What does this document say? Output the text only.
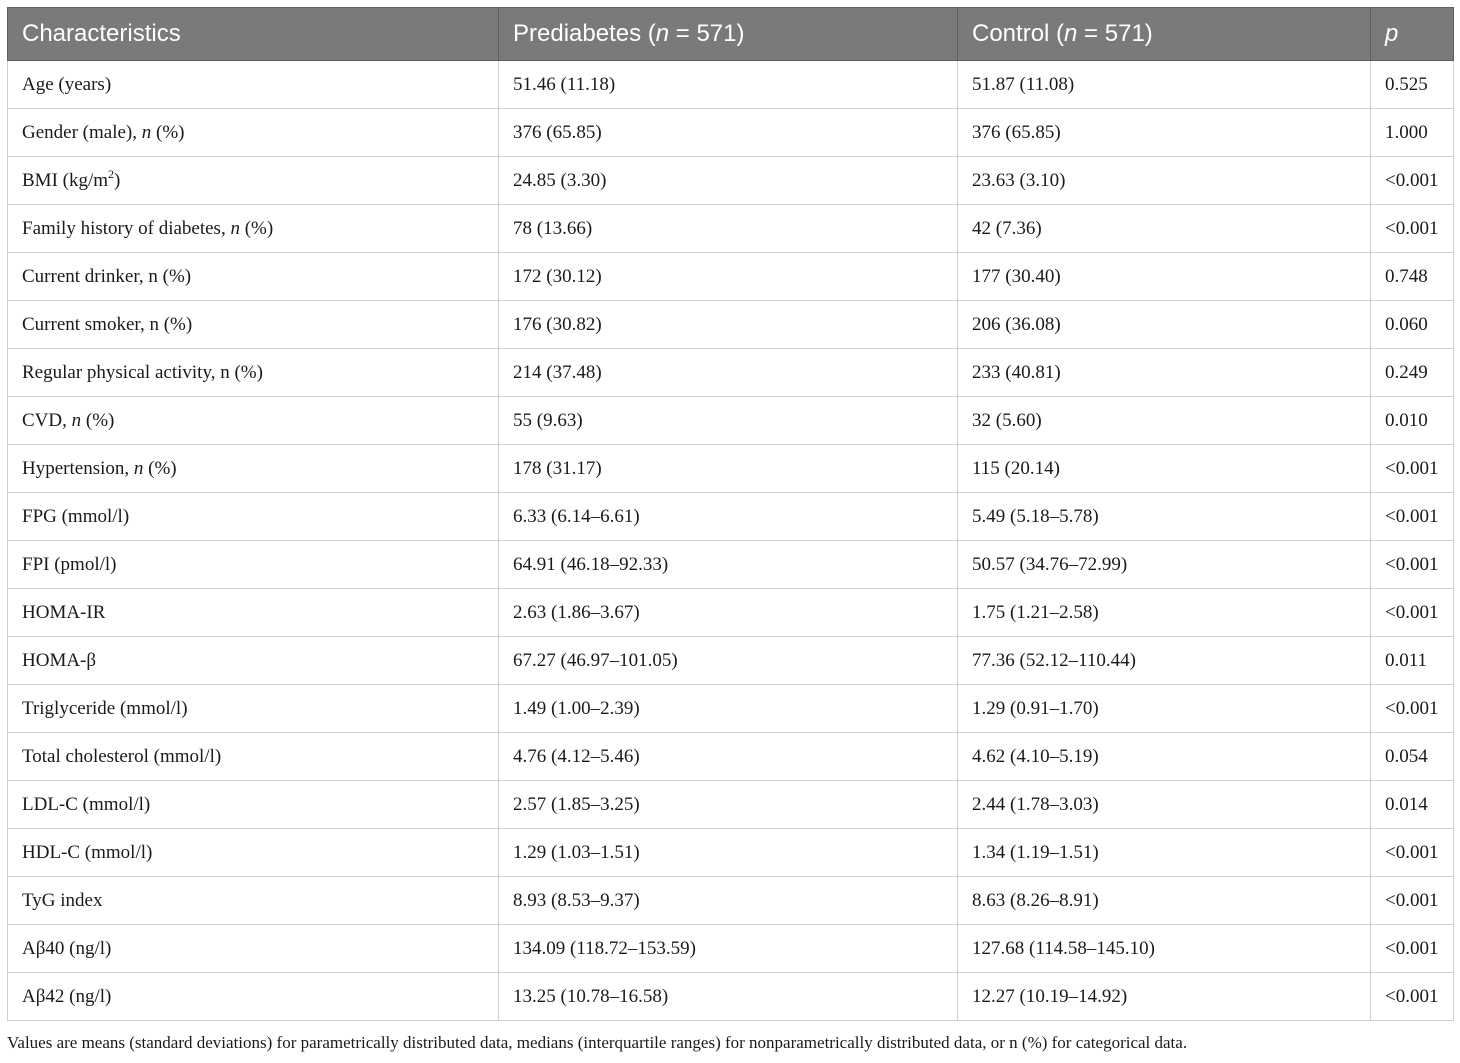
Characteristics	Prediabetes (n = 571)	Control (n = 571)	p
Age (years)	51.46 (11.18)	51.87 (11.08)	0.525
Gender (male), n (%)	376 (65.85)	376 (65.85)	1.000
BMI $(kg/m^2)$	24.85 (3.30)	23.63 (3.10)	<0.001
Family history of diabetes, n (%)	78 (13.66)	42 (7.36)	<0.001
Current drinker, n (%)	172 (30.12)	177 (30.40)	0.748
Current smoker, n (%)	176 (30.82)	206 (36.08)	0.060
Regular physical activity, n (%)	214 (37.48)	233 (40.81)	0.249
CVD, n (%)	55 (9.63)	32 (5.60)	0.010
Hypertension, n (%)	178 (31.17)	115 (20.14)	<0.001
FPG (mmol/l)	6.33 (6.14–6.61)	5.49 (5.18–5.78)	<0.001
FPI (pmol/l)	64.91 (46.18–92.33)	50.57 (34.76–72.99)	<0.001
HOMA-IR	2.63 (1.86–3.67)	1.75 (1.21–2.58)	<0.001
HOMA-β	67.27 (46.97–101.05)	77.36 (52.12–110.44)	0.011
Triglyceride (mmol/l)	1.49 (1.00–2.39)	1.29 (0.91–1.70)	<0.001
Total cholesterol (mmol/l)	4.76 (4.12–5.46)	4.62 (4.10–5.19)	0.054
LDL-C (mmol/l)	2.57 (1.85–3.25)	2.44 (1.78–3.03)	0.014
HDL-C (mmol/l)	1.29 (1.03–1.51)	1.34 (1.19–1.51)	<0.001
TyG index	8.93 (8.53–9.37)	8.63 (8.26–8.91)	<0.001
Aβ40 (ng/l)	134.09 (118.72–153.59)	127.68 (114.58–145.10)	<0.001
Aβ42 (ng/l)	13.25 (10.78–16.58)	12.27 (10.19–14.92)	<0.001
Values are means (standard deviations) for parametrically distributed data, medians (interquartile ranges) for nonparametrically distributed data, or n (%) for categorical data.
